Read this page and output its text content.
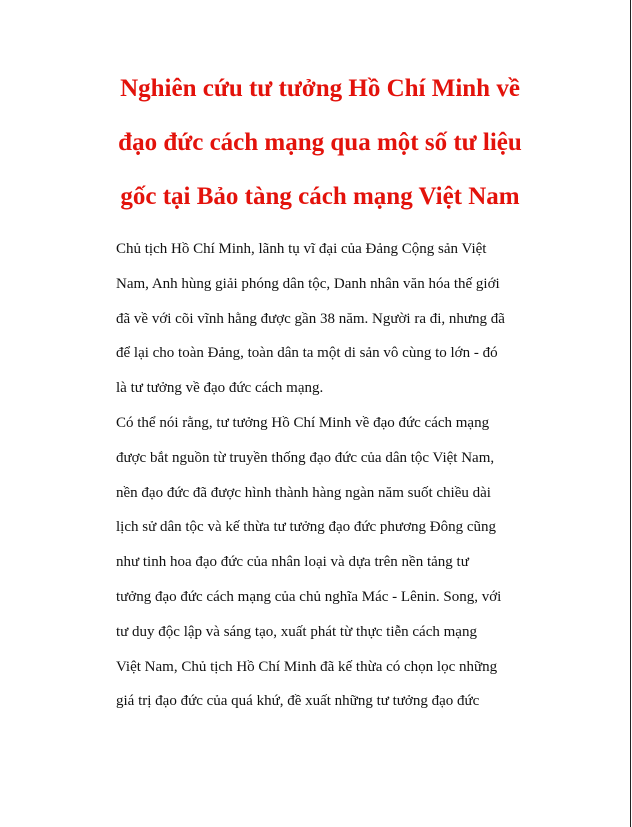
Nghiên cứu tư tưởng Hồ Chí Minh về
đạo đức cách mạng qua một số tư liệu
gốc tại Bảo tàng cách mạng Việt Nam
Chủ tịch Hồ Chí Minh, lãnh tụ vĩ đại của Đảng Cộng sản Việt
Nam, Anh hùng giải phóng dân tộc, Danh nhân văn hóa thế giới
đã về với cõi vĩnh hằng được gần 38 năm. Người ra đi, nhưng đã
để lại cho toàn Đảng, toàn dân ta một di sản vô cùng to lớn - đó
là tư tưởng về đạo đức cách mạng.
Có thể nói rằng, tư tưởng Hồ Chí Minh về đạo đức cách mạng
được bắt nguồn từ truyền thống đạo đức của dân tộc Việt Nam,
nền đạo đức đã được hình thành hàng ngàn năm suốt chiều dài
lịch sử dân tộc và kế thừa tư tưởng đạo đức phương Đông cũng
như tinh hoa đạo đức của nhân loại và dựa trên nền tảng tư
tưởng đạo đức cách mạng của chủ nghĩa Mác - Lênin. Song, với
tư duy độc lập và sáng tạo, xuất phát từ thực tiễn cách mạng
Việt Nam, Chủ tịch Hồ Chí Minh đã kế thừa có chọn lọc những
giá trị đạo đức của quá khứ, đề xuất những tư tưởng đạo đức
